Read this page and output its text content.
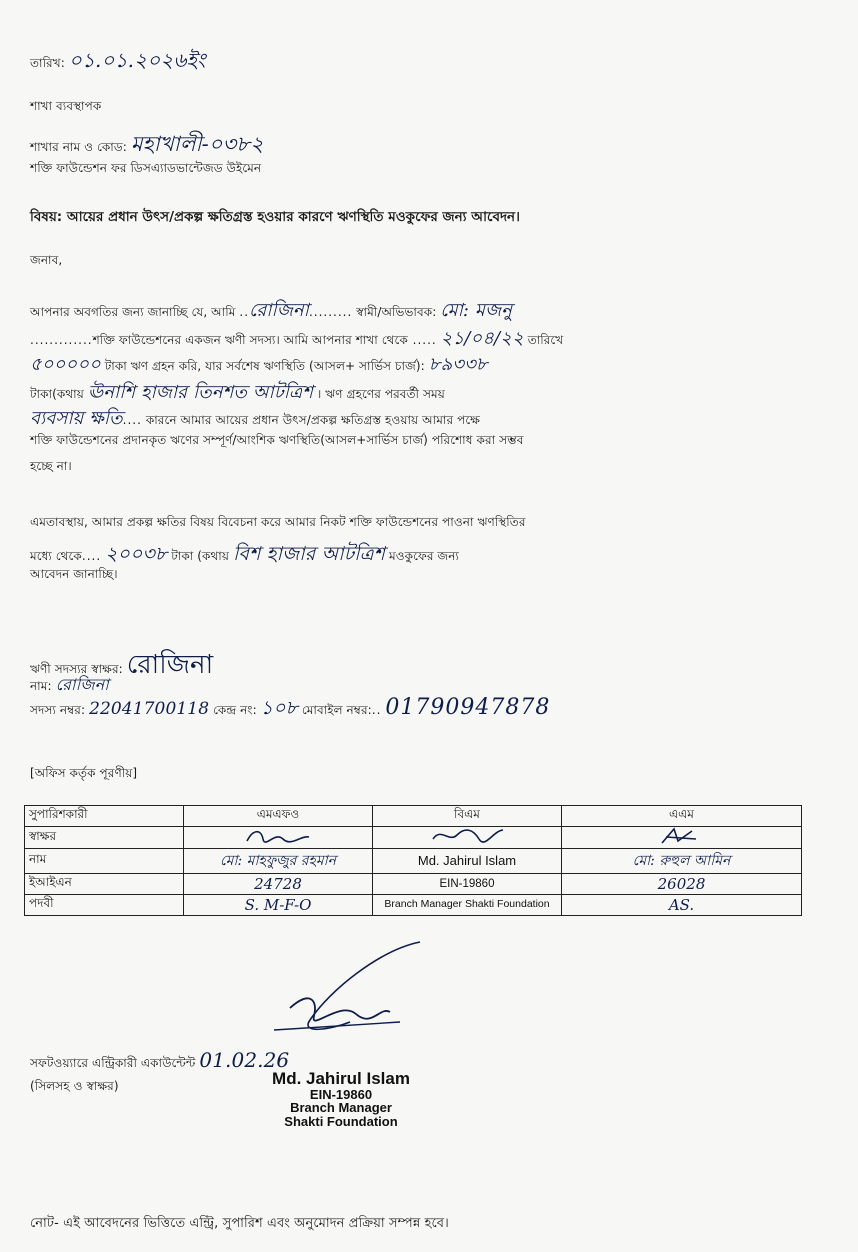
তারিখ: ০১.০১.২০২৬ইং
শাখা ব্যবস্থাপক
শাখার নাম ও কোড: মহাখালী-০৩৮২
শক্তি ফাউন্ডেশন ফর ডিসএ্যাডভান্টেজড উইমেন
বিষয়: আয়ের প্রধান উৎস/প্রকল্প ক্ষতিগ্রস্ত হওয়ার কারণে ঋণস্থিতি মওকুফের জন্য আবেদন।
জনাব,
আপনার অবগতির জন্য জানাচ্ছি যে, আমি ..রোজিনা......... স্বামী/অভিভাবক: মো: মজনু
.............শক্তি ফাউন্ডেশনের একজন ঋণী সদস্য। আমি আপনার শাখা থেকে ..... ২১/০৪/২২ তারিখে
৫০০০০০ টাকা ঋণ গ্রহন করি, যার সর্বশেষ ঋণস্থিতি (আসল+ সার্ভিস চার্জ): ৮৯৩৩৮
টাকা(কথায় ঊনাশি হাজার তিনশত আটত্রিশ । ঋণ গ্রহণের পরবর্তী সময়
ব্যবসায় ক্ষতি.... কারনে আমার আয়ের প্রধান উৎস/প্রকল্প ক্ষতিগ্রস্ত হওয়ায় আমার পক্ষে
শক্তি ফাউন্ডেশনের প্রদানকৃত ঋণের সম্পূর্ণ/আংশিক ঋণস্থিতি(আসল+সার্ভিস চার্জ) পরিশোধ করা সম্ভব
হচ্ছে না।
এমতাবস্থায়, আমার প্রকল্প ক্ষতির বিষয় বিবেচনা করে আমার নিকট শক্তি ফাউন্ডেশনের পাওনা ঋণস্থিতির
মধ্যে থেকে.... ২০০৩৮ টাকা (কথায় বিশ হাজার আটত্রিশ মওকুফের জন্য
আবেদন জানাচ্ছি।
ঋণী সদস্যর স্বাক্ষর: রোজিনা
নাম: রোজিনা
সদস্য নম্বর: 22041700118 কেন্দ্র নং: ১০৮ মোবাইল নম্বর:.. 01790947878
[অফিস কর্তৃক পূরণীয়]
সুপারিশকারী	এমএফও	বিএম	এএম
স্বাক্ষর			
নাম	মো: মাহফুজুর রহমান	Md. Jahirul Islam	মো: রুহুল আমিন
ইআইএন	24728	EIN-19860	26028
পদবী	S. M-F-O	Branch Manager Shakti Foundation	AS.
সফটওয়্যারে এন্ট্রিকারী একাউন্টেন্ট 01.02.26
(সিলসহ ও স্বাক্ষর)	Md. Jahirul Islam
EIN-19860
Branch Manager
Shakti Foundation
নোট- এই আবেদনের ভিত্তিতে এন্ট্রি, সুপারিশ এবং অনুমোদন প্রক্রিয়া সম্পন্ন হবে।
